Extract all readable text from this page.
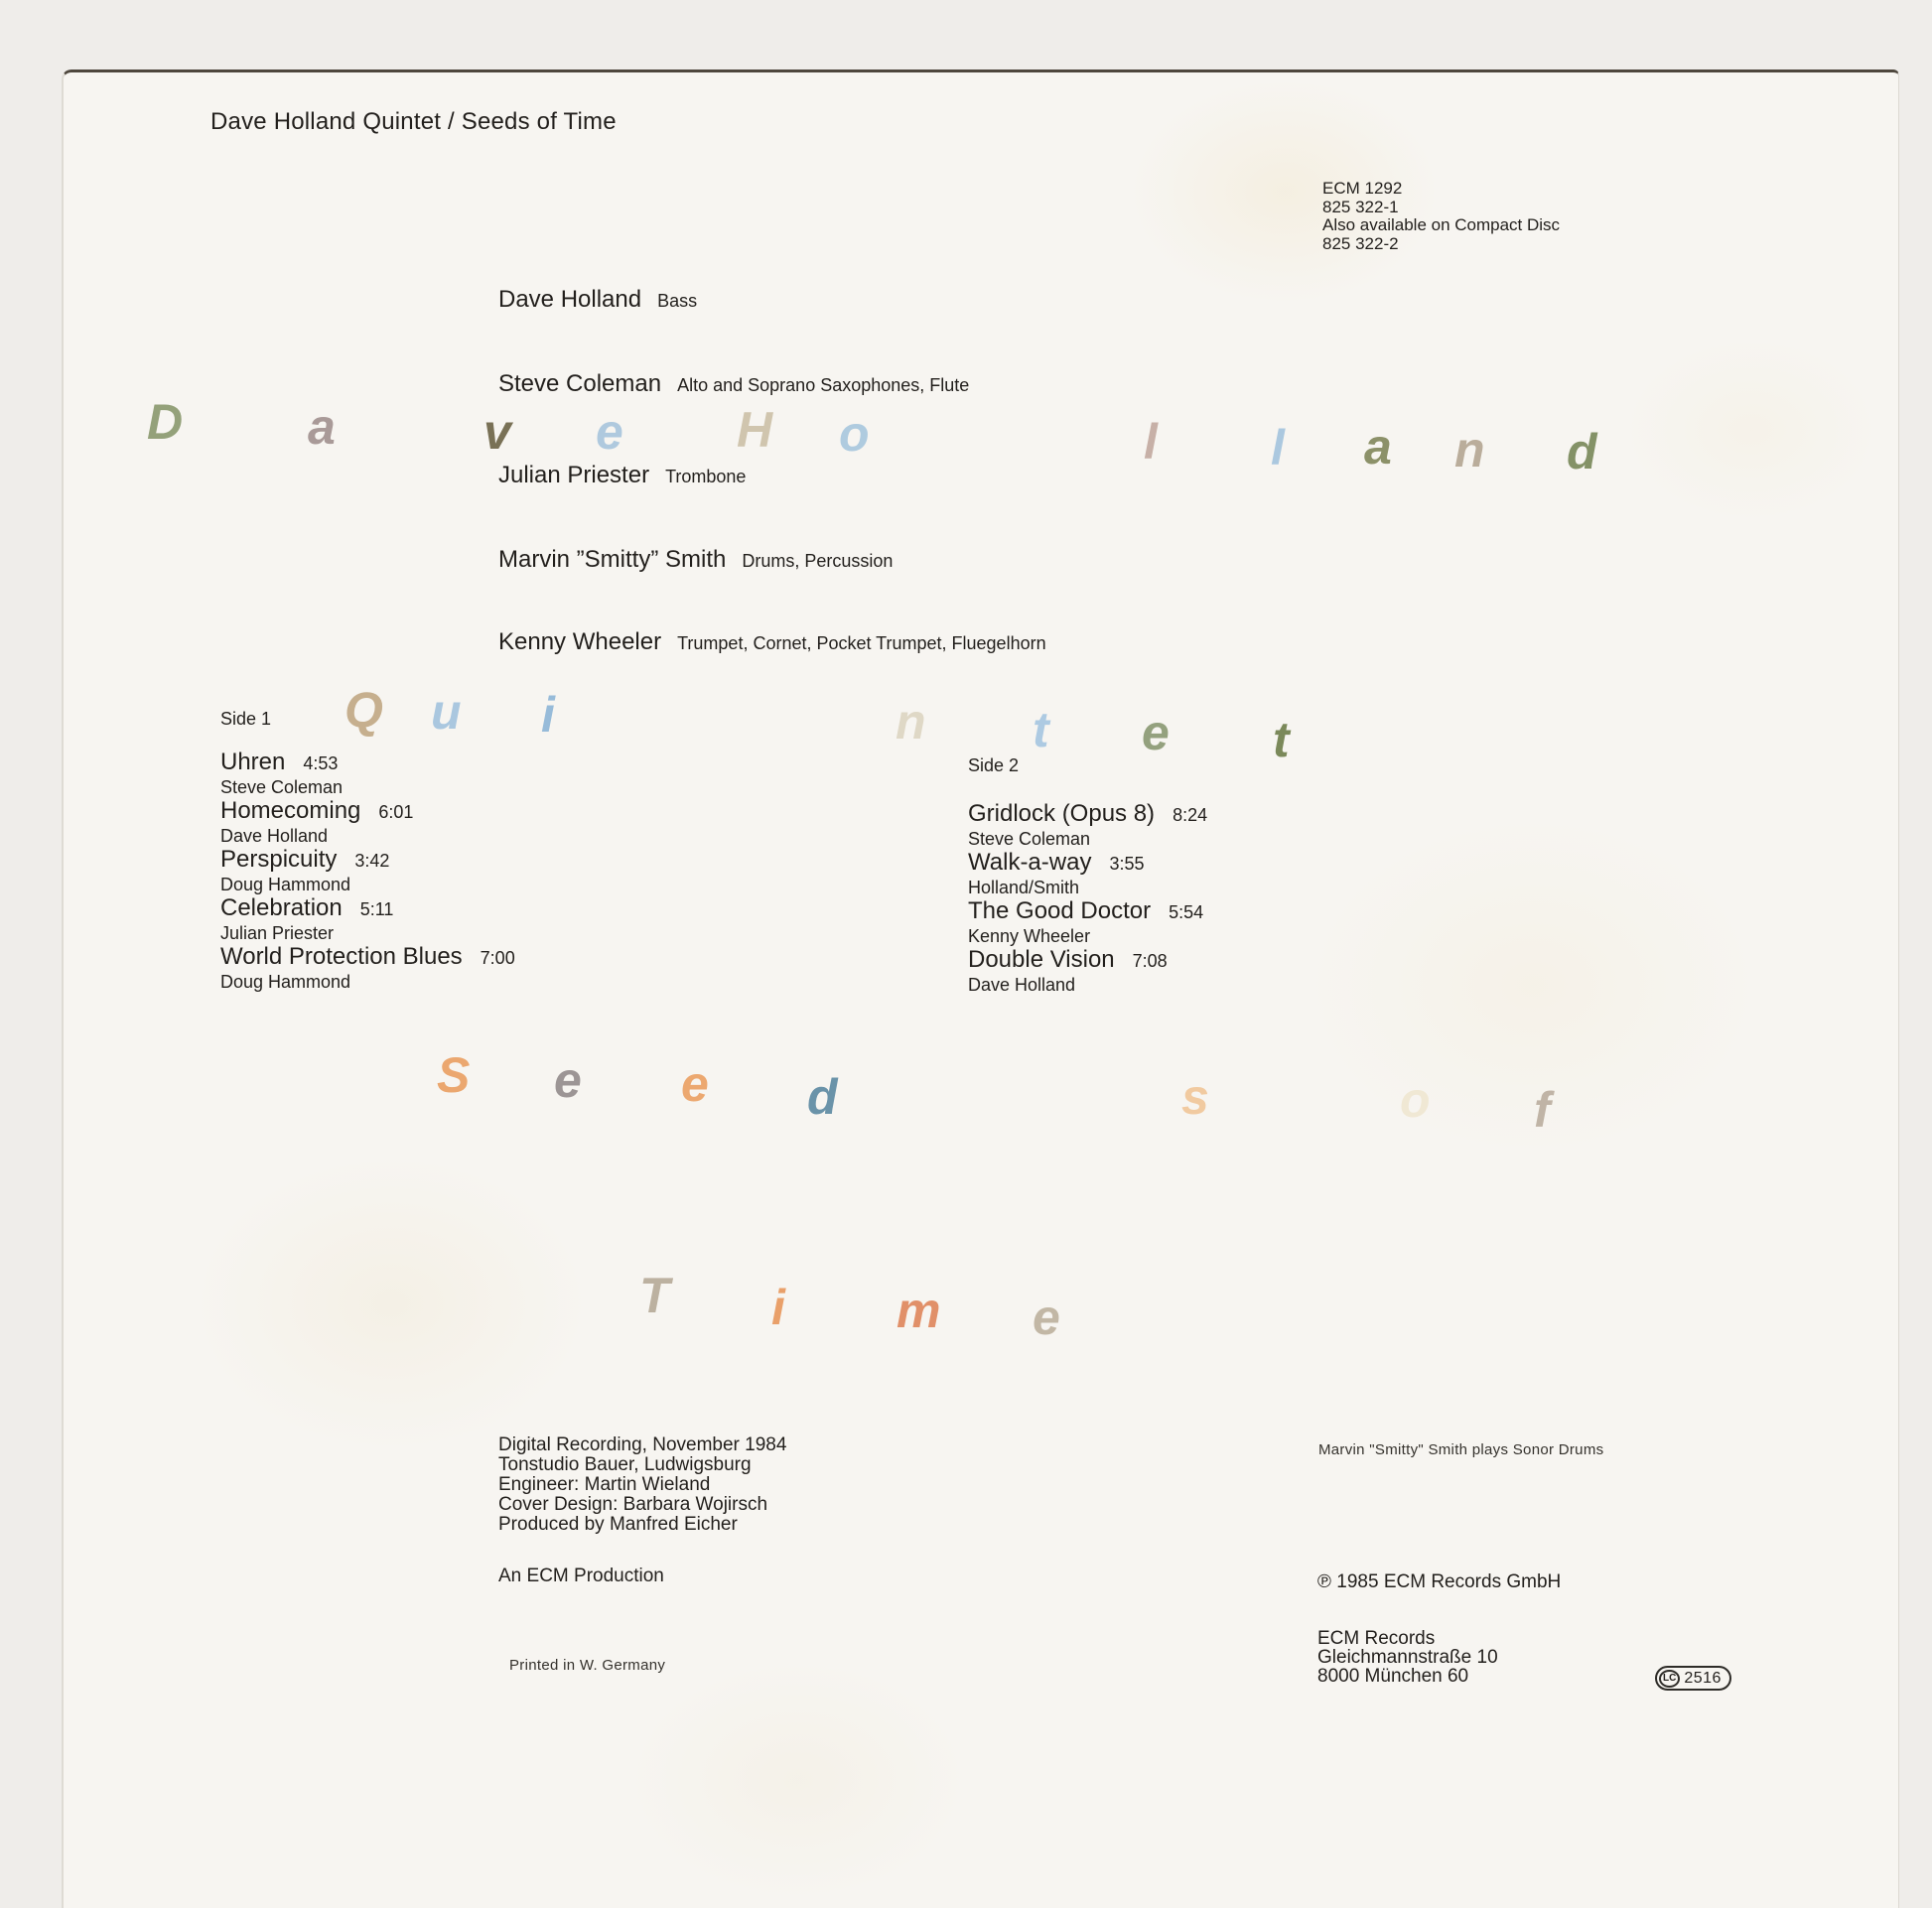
Dave Holland Quintet / Seeds of Time
ECM 1292
825 322-1
Also available on Compact Disc
825 322-2
Dave Holland Bass
Steve Coleman Alto and Soprano Saxophones, Flute
Julian Priester Trombone
Marvin ”Smitty” Smith Drums, Percussion
Kenny Wheeler Trumpet, Cornet, Pocket Trumpet, Fluegelhorn
Side 1
Uhren 4:53
Steve Coleman
Homecoming 6:01
Dave Holland
Perspicuity 3:42
Doug Hammond
Celebration 5:11
Julian Priester
World Protection Blues 7:00
Doug Hammond
Side 2
Gridlock (Opus 8) 8:24
Steve Coleman
Walk-a-way 3:55
Holland/Smith
The Good Doctor 5:54
Kenny Wheeler
Double Vision 7:08
Dave Holland
D	a	v e H o	l l a n d
Q u i	n t e t
S e e d	s	o f
T i m e
Digital Recording, November 1984
Tonstudio Bauer, Ludwigsburg
Engineer: Martin Wieland
Cover Design: Barbara Wojirsch
Produced by Manfred Eicher
An ECM Production
Printed in W. Germany
Marvin "Smitty" Smith plays Sonor Drums
℗ 1985 ECM Records GmbH
ECM Records
Gleichmannstraße 10
8000 München 60	LC 2516
